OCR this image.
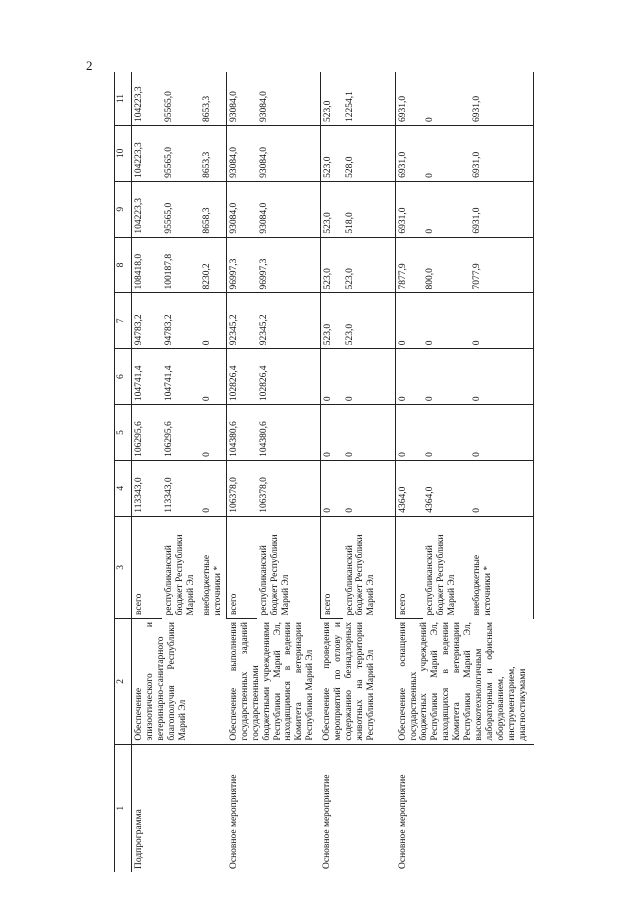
2
1	2	3	4	5	6	7	8	9	10	11
Подпрограмма	Обеспечение эпизоотического и ветеринарно-санитарного благополучия Республики Марий Эл	всего	113343,0	106295,6	104741,4	94783,2	108418,0	104223,3	104223,3	104223,3
		республиканский бюджет Республики Марий Эл	113343,0	106295,6	104741,4	94783,2	100187,8	95565,0	95565,0	95565,0
		внебюджетные источники *	0	0	0	0	8230,2	8658,3	8653,3	8653,3
Основное мероприятие	Обеспечение выполнения государственных заданий государственными бюджетными учреждениями Республики Марий Эл, находящимися в ведении Комитета ветеринарии Республики Марий Эл	всего	106378,0	104380,6	102826,4	92345,2	96997,3	93084,0	93084,0	93084,0
		республиканский бюджет Республики Марий Эл	106378,0	104380,6	102826,4	92345,2	96997,3	93084,0	93084,0	93084,0
Основное мероприятие	Обеспечение проведения мероприятий по отлову и содержанию безнадзорных животных на территории Республики Марий Эл	всего	0	0	0	523,0	523,0	523,0	523,0	523,0
		республиканский бюджет Республики Марий Эл	0	0	0	523,0	523,0	518,0	528,0	12254,1
Основное мероприятие	Обеспечение оснащения государственных бюджетных учреждений Республики Марий Эл, находящихся в ведении Комитета ветеринарии Республики Марий Эл, высокотехнологичным лабораторным и офисным оборудованием, инструментарием, диагностикумами	всего	4364,0	0	0	0	7877,9	6931,0	6931,0	6931,0
		республиканский бюджет Республики Марий Эл	4364,0	0	0	0	800,0	0	0	0
		внебюджетные источники *	0	0	0	0	7077,9	6931,0	6931,0	6931,0
